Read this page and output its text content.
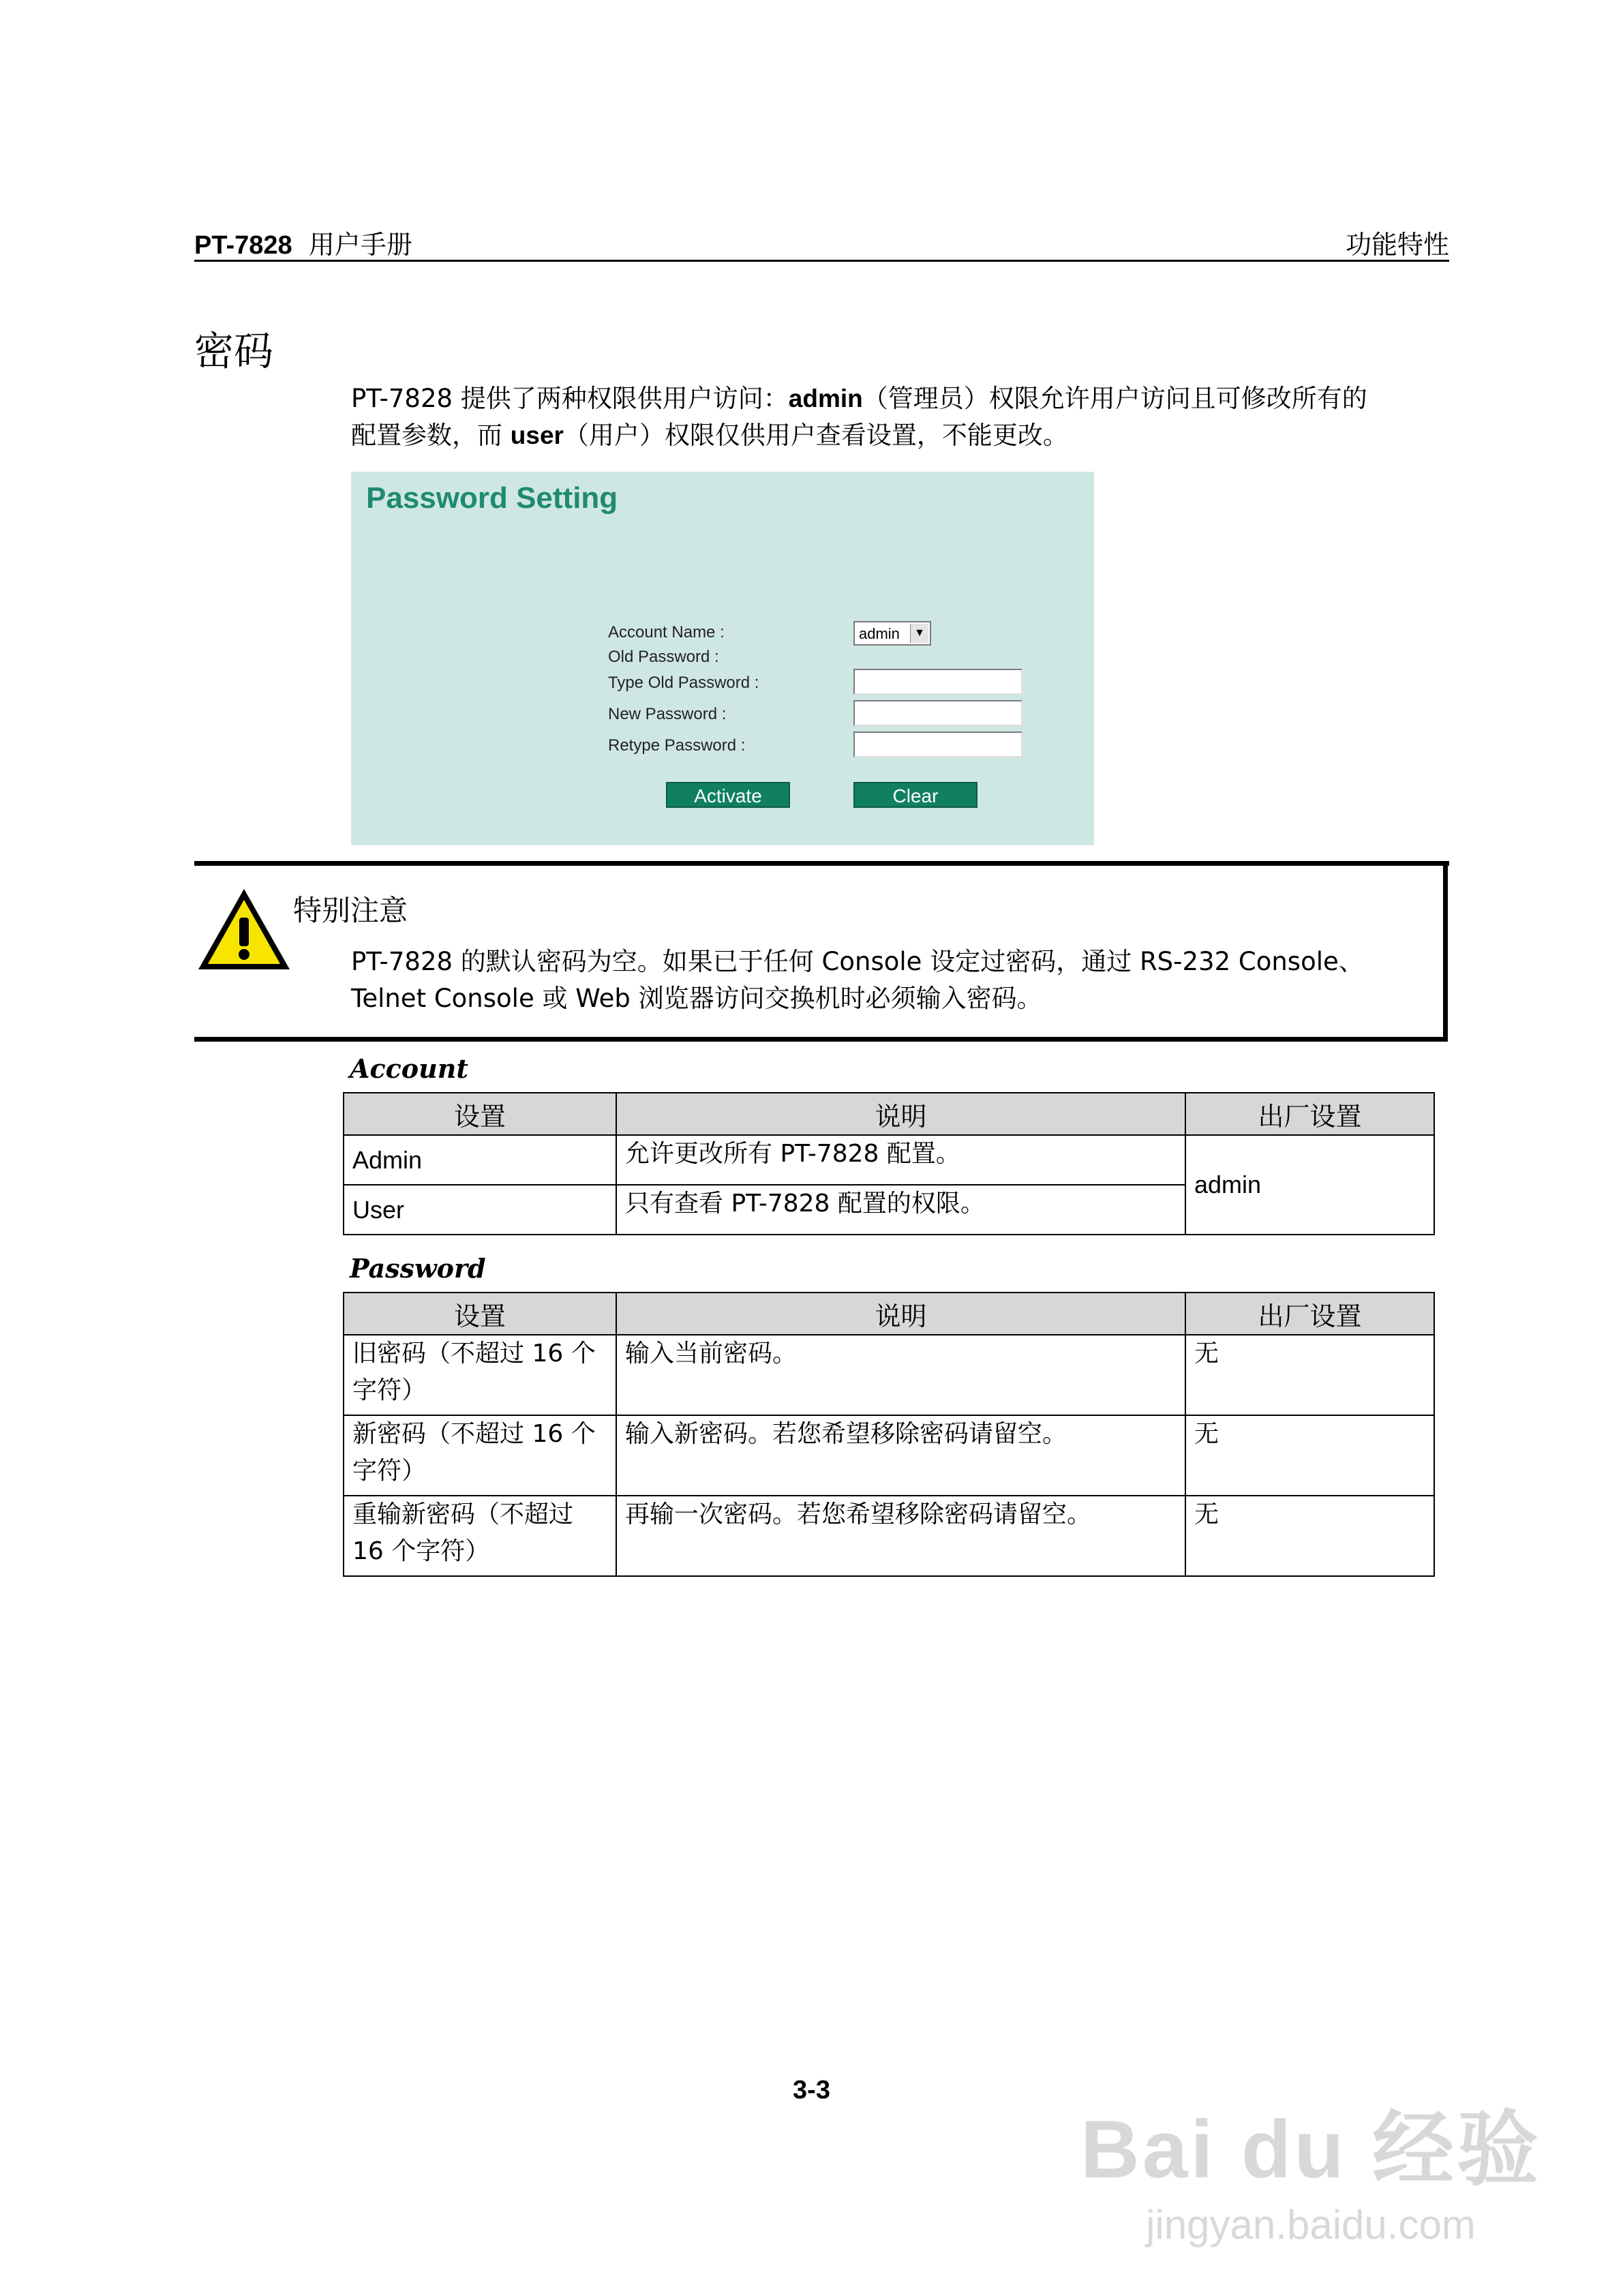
PT-7828 用户手册	功能特性
密码
PT-7828 提供了两种权限供用户访问：admin（管理员）权限允许用户访问且可修改所有的
配置参数，而 user（用户）权限仅供用户查看设置，不能更改。
Password Setting
Account Name :	admin	▼
Old Password :
Type Old Password :
New Password :
Retype Password :
Activate	Clear
特别注意
PT-7828 的默认密码为空。如果已于任何 Console 设定过密码，通过 RS-232 Console、
Telnet Console 或 Web 浏览器访问交换机时必须输入密码。
Account
设置	说明	出厂设置
Admin	允许更改所有 PT-7828 配置。	admin
User	只有查看 PT-7828 配置的权限。	
Password
设置	说明	出厂设置
旧密码（不超过 16 个字符）	输入当前密码。	无
新密码（不超过 16 个字符）	输入新密码。若您希望移除密码请留空。	无
重输新密码（不超过 16 个字符）	再输一次密码。若您希望移除密码请留空。	无
3-3
Bai du 经验
jingyan.baidu.com
